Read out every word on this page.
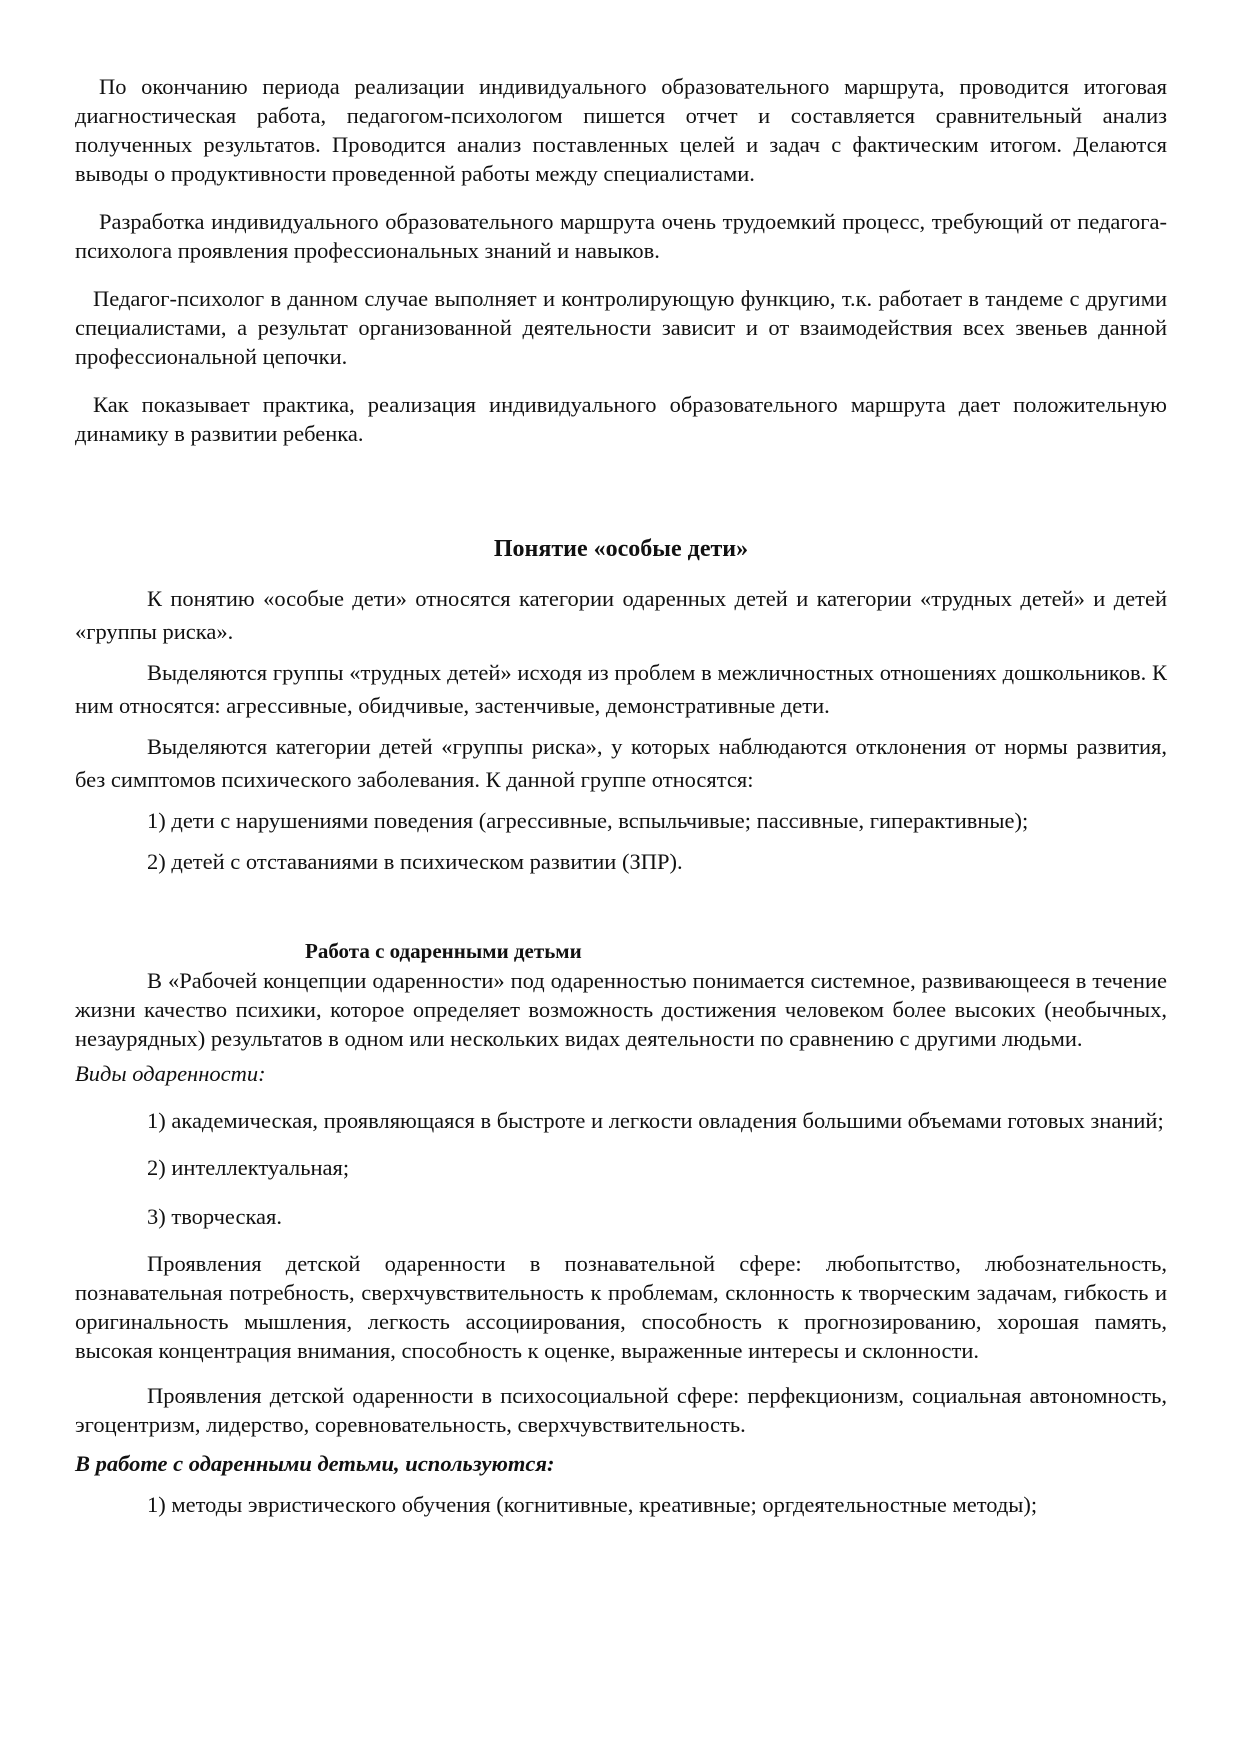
По окончанию периода реализации индивидуального образовательного маршрута, проводится итоговая диагностическая работа, педагогом-психологом пишется отчет и составляется сравнительный анализ полученных результатов. Проводится анализ поставленных целей и задач с фактическим итогом. Делаются выводы о продуктивности проведенной работы между специалистами.

Разработка индивидуального образовательного маршрута очень трудоемкий процесс, требующий от педагога-психолога проявления профессиональных знаний и навыков.

Педагог-психолог в данном случае выполняет и контролирующую функцию, т.к. работает в тандеме с другими специалистами, а результат организованной деятельности зависит и от взаимодействия всех звеньев данной профессиональной цепочки.

Как показывает практика, реализация индивидуального образовательного маршрута дает положительную динамику в развитии ребенка.

Понятие «особые дети»

К понятию «особые дети» относятся категории одаренных детей и категории «трудных детей» и детей «группы риска».

Выделяются группы «трудных детей» исходя из проблем в межличностных отношениях дошкольников. К ним относятся: агрессивные, обидчивые, застенчивые, демонстративные дети.

Выделяются категории детей «группы риска», у которых наблюдаются отклонения от нормы развития, без симптомов психического заболевания. К данной группе относятся:

1) дети с нарушениями поведения (агрессивные, вспыльчивые; пассивные, гиперактивные);

2) детей с отставаниями в психическом развитии (ЗПР).

Работа с одаренными детьми

В «Рабочей концепции одаренности» под одаренностью понимается системное, развивающееся в течение жизни качество психики, которое определяет возможность достижения человеком более высоких (необычных, незаурядных) результатов в одном или нескольких видах деятельности по сравнению с другими людьми.

Виды одаренности:

1) академическая, проявляющаяся в быстроте и легкости овладения большими объемами готовых знаний;

2) интеллектуальная;

3) творческая.

Проявления детской одаренности в познавательной сфере: любопытство, любознательность, познавательная потребность, сверхчувствительность к проблемам, склонность к творческим задачам, гибкость и оригинальность мышления, легкость ассоциирования, способность к прогнозированию, хорошая память, высокая концентрация внимания, способность к оценке, выраженные интересы и склонности.

Проявления детской одаренности в психосоциальной сфере: перфекционизм, социальная автономность, эгоцентризм, лидерство, соревновательность, сверхчувствительность.

В работе с одаренными детьми, используются:

1) методы эвристического обучения (когнитивные, креативные; оргдеятельностные методы);
